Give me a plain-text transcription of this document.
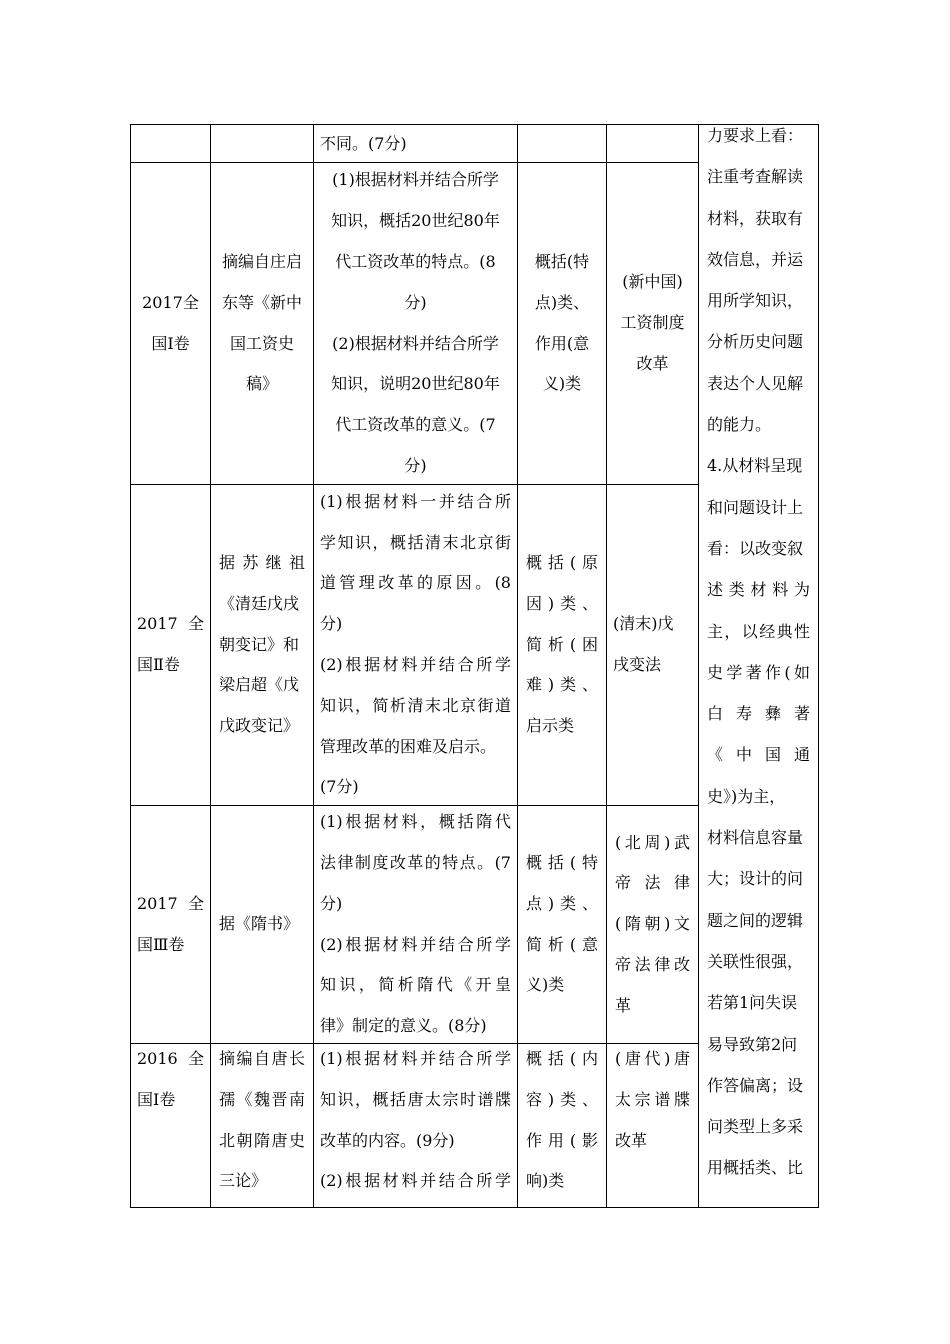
不同。(7分)
2017全
国Ⅰ卷
摘编自庄启
东等《新中
国工资史
稿》
(1)根据材料并结合所学
知识，概括20世纪80年
代工资改革的特点。(8
分)
(2)根据材料并结合所学
知识，说明20世纪80年
代工资改革的意义。(7
分)
概括(特
点)类、
作用(意
义)类
(新中国)
工资制度
改革
2017 全
国Ⅱ卷
据苏继祖
《清廷戊戌
朝变记》和
梁启超《戊
戊政变记》
(1)根据材料一并结合所
学知识，概括清末北京街
道管理改革的原因。(8
分)
(2)根据材料并结合所学
知识，简析清末北京街道
管理改革的困难及启示。
(7分)
概括(原
因)类、
简析(困
难)类、
启示类
(清末)戊
戌变法
2017 全
国Ⅲ卷
据《隋书》
(1)根据材料，概括隋代
法律制度改革的特点。(7
分)
(2)根据材料并结合所学
知识，简析隋代《开皇
律》制定的意义。(8分)
概括(特
点)类、
简析(意
义)类
(北周)武
帝法律
(隋朝)文
帝法律改
革
2016 全
国Ⅰ卷
摘编自唐长
孺《魏晋南
北朝隋唐史
三论》
(1)根据材料并结合所学
知识，概括唐太宗时谱牒
改革的内容。(9分)
(2)根据材料并结合所学
概括(内
容)类、
作用(影
响)类
(唐代)唐
太宗谱牒
改革
力要求上看：
注重考查解读
材料，获取有
效信息，并运
用所学知识，
分析历史问题
表达个人见解
的能力。
4.从材料呈现
和问题设计上
看：以改变叙
述类材料为
主，以经典性
史学著作(如
白寿彝著
《中国通
史》)为主，
材料信息容量
大；设计的问
题之间的逻辑
关联性很强，
若第1问失误
易导致第2问
作答偏离；设
问类型上多采
用概括类、比
